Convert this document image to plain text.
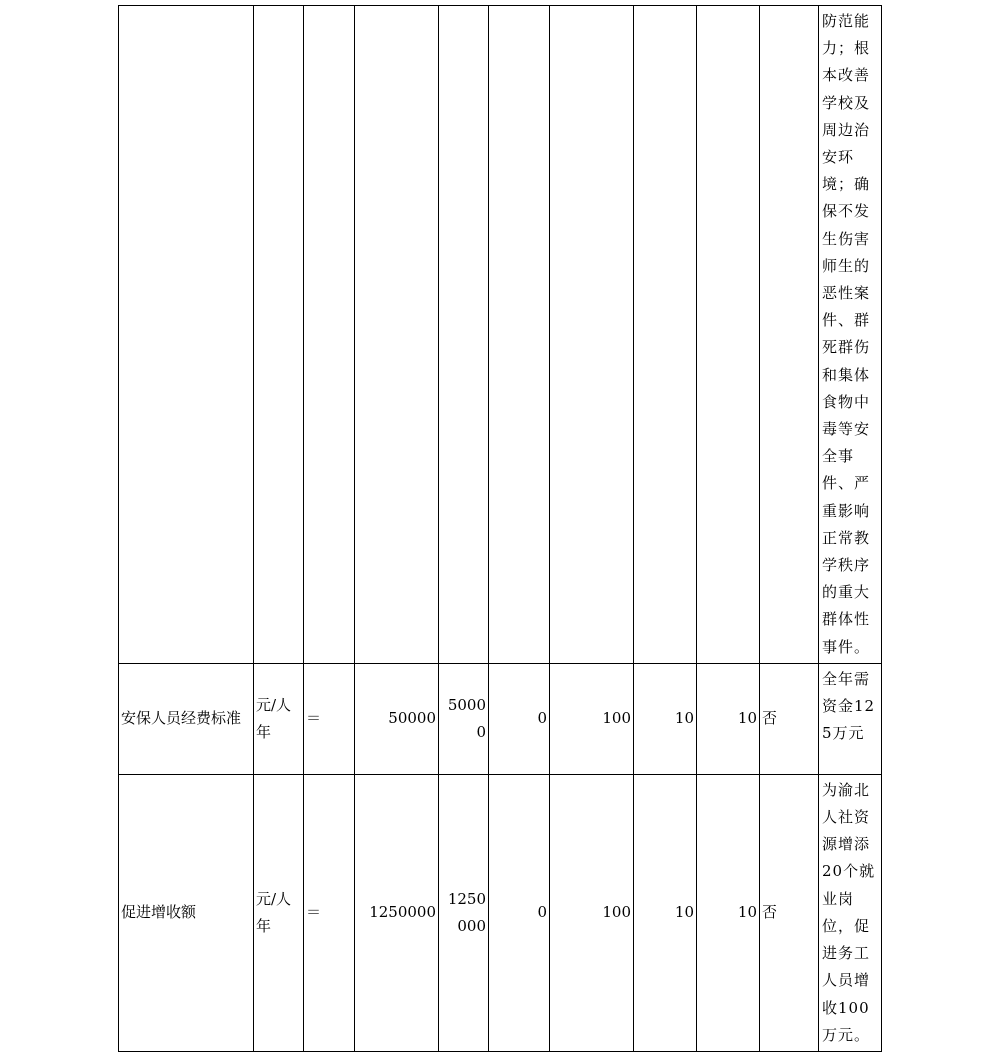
										防范能力；根本改善学校及周边治安环境；确保不发生伤害师生的恶性案件、群死群伤和集体食物中毒等安全事件、严重影响正常教学秩序的重大群体性事件。
安保人员经费标准	元/人年	＝	50000	50000	0	100	10	10	否	全年需资金125万元
促进增收额	元/人年	＝	1250000	1250000	0	100	10	10	否	为渝北人社资源增添20个就业岗位，促进务工人员增收100万元。
